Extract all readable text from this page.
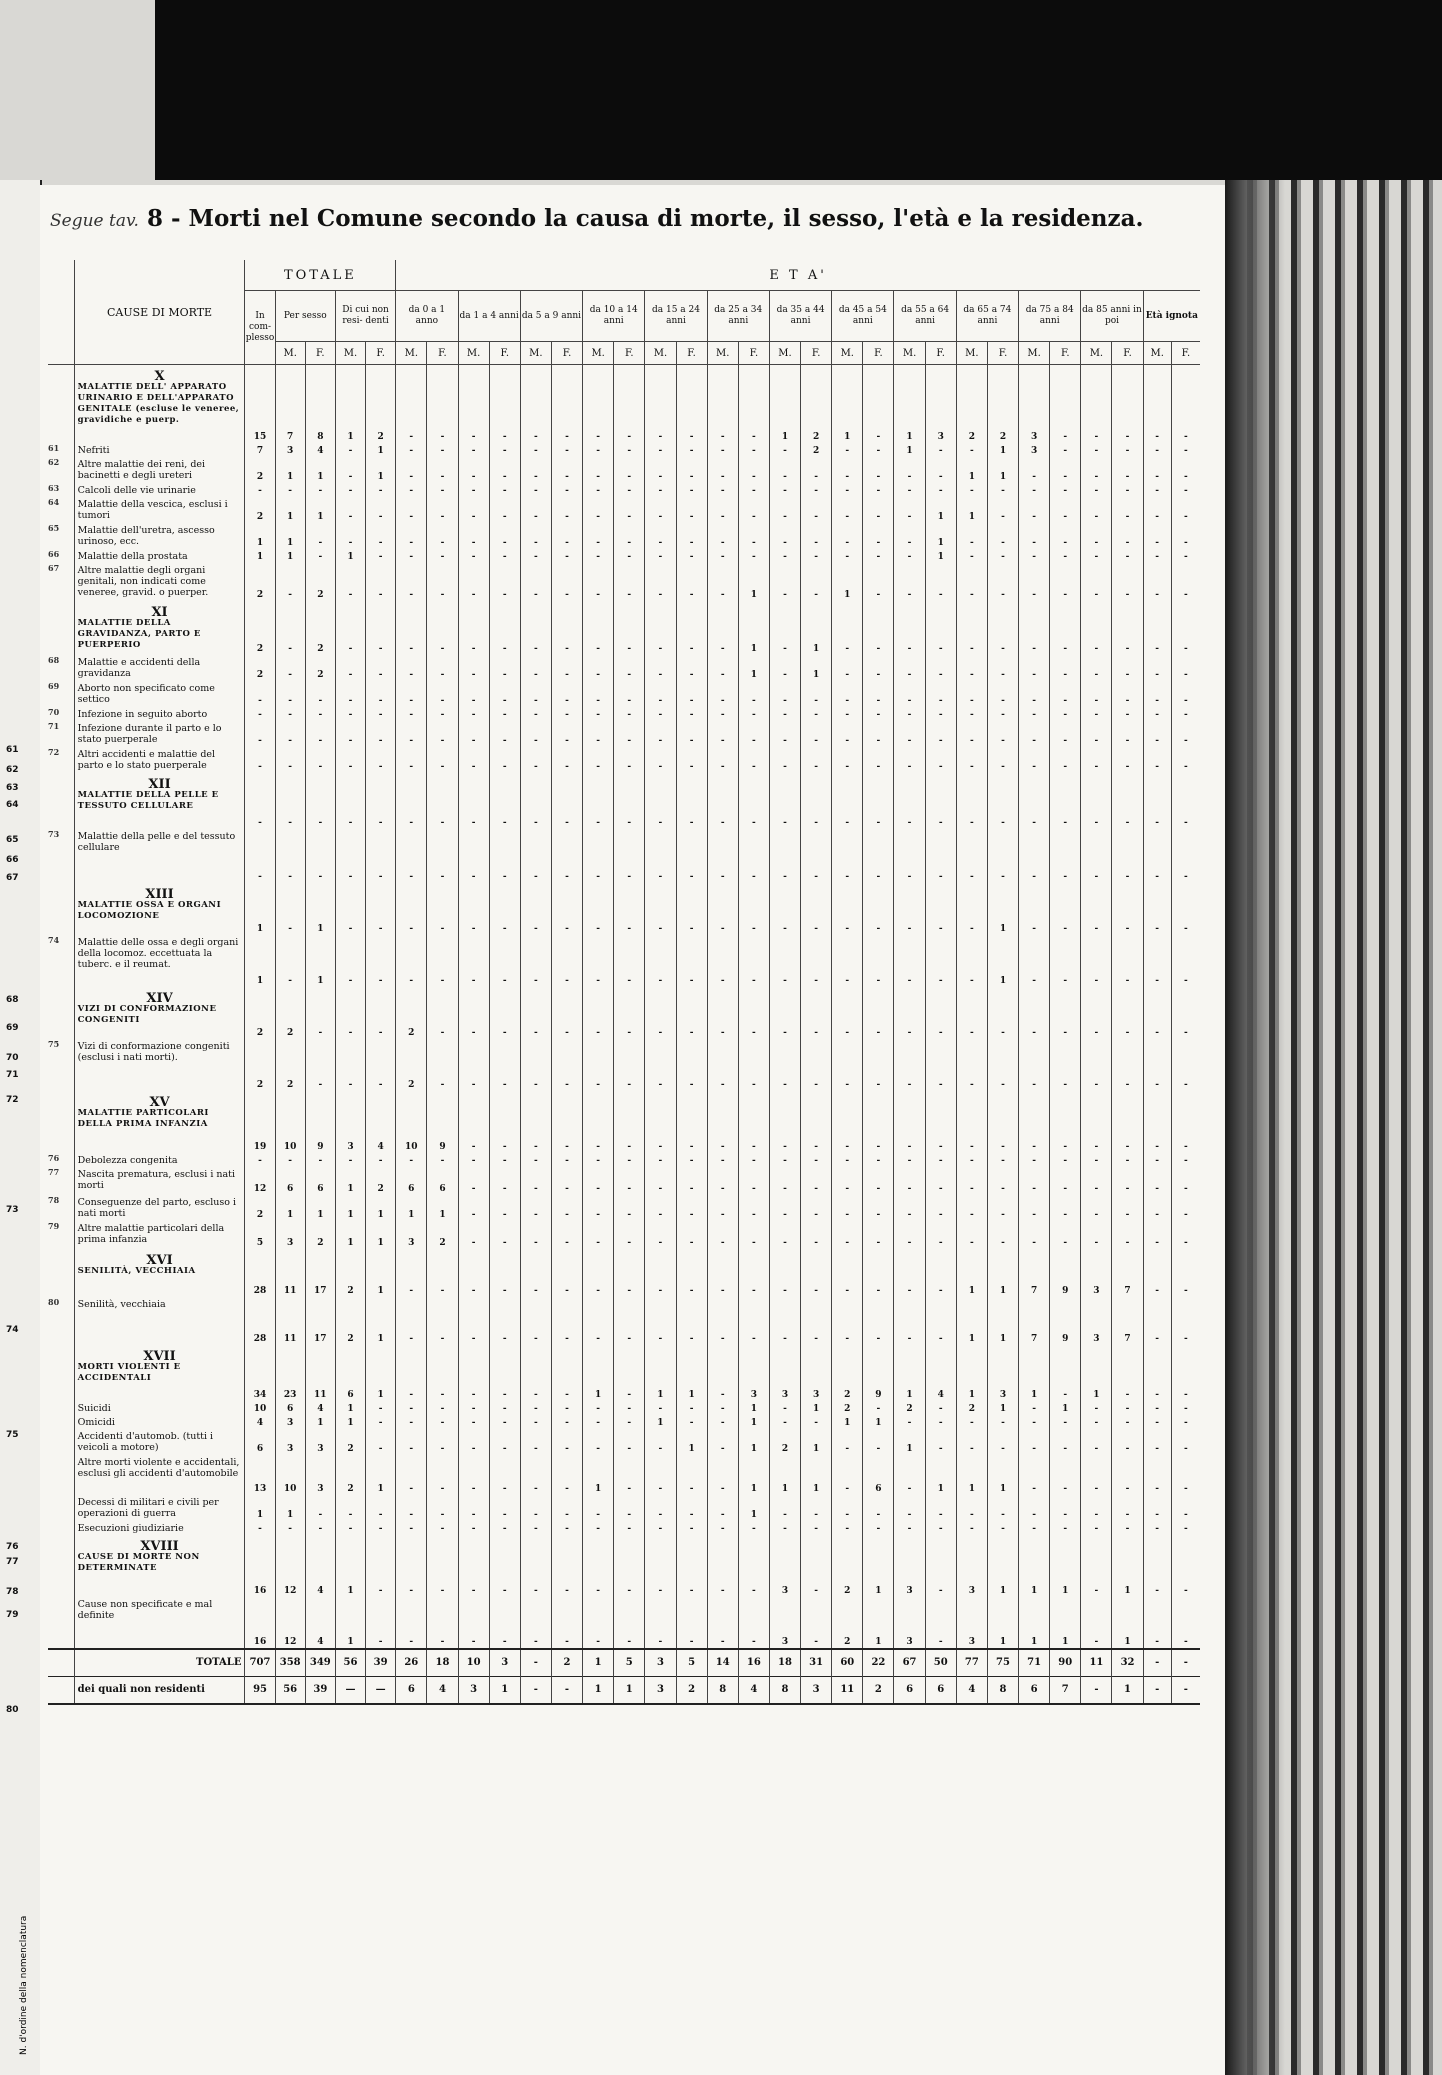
N. d'ordine della nomenclatura
61
62
63
64
65
66
67
68
69
70
71
72
73
74
75
76
77
78
79
80
Segue tav. 8 - Morti nel Comune secondo la causa di morte, il sesso, l'età e la residenza.
	CAUSE DI MORTE	TOTALE					E T A'																									
		In com- plesso	Per sesso		Di cui non resi- denti		da 0 a 1 anno		da 1 a 4 anni		da 5 a 9 anni		da 10 a 14 anni		da 15 a 24 anni		da 25 a 34 anni		da 35 a 44 anni		da 45 a 54 anni		da 55 a 64 anni		da 65 a 74 anni		da 75 a 84 anni		da 85 anni in poi		Età ignota	
			M.	F.	M.	F.	M.	F.	M.	F.	M.	F.	M.	F.	M.	F.	M.	F.	M.	F.	M.	F.	M.	F.	M.	F.	M.	F.	M.	F.	M.	F.

	X
MALATTIE DELL' APPARATO URINARIO E DELL'APPARATO GENITALE (escluse le veneree, gravidiche e puerp.	15	7	8	1	2	-	-	-	-	-	-	-	-	-	-	-	-	1	2	1	-	1	3	2	2	3	-	-	-	-	-
61	Nefriti	7	3	4	-	1	-	-	-	-	-	-	-	-	-	-	-	-	-	2	-	-	1	-	-	1	3	-	-	-	-	-
62	Altre malattie dei reni, dei bacinetti e degli ureteri	2	1	1	-	1	-	-	-	-	-	-	-	-	-	-	-	-	-	-	-	-	-	-	1	1	-	-	-	-	-	-
63	Calcoli delle vie urinarie	-	-	-	-	-	-	-	-	-	-	-	-	-	-	-	-	-	-	-	-	-	-	-	-	-	-	-	-	-	-	-
64	Malattie della vescica, esclusi i tumori	2	1	1	-	-	-	-	-	-	-	-	-	-	-	-	-	-	-	-	-	-	-	1	1	-	-	-	-	-	-	-
65	Malattie dell'uretra, ascesso urinoso, ecc.	1	1	-	-	-	-	-	-	-	-	-	-	-	-	-	-	-	-	-	-	-	-	1	-	-	-	-	-	-	-	-
66	Malattie della prostata	1	1	-	1	-	-	-	-	-	-	-	-	-	-	-	-	-	-	-	-	-	-	1	-	-	-	-	-	-	-	-
67	Altre malattie degli organi genitali, non indicati come veneree, gravid. o puerper.	2	-	2	-	-	-	-	-	-	-	-	-	-	-	-	-	1	-	-	1	-	-	-	-	-	-	-	-	-	-	-

	XI
MALATTIE DELLA GRAVIDANZA, PARTO E PUERPERIO	2	-	2	-	-	-	-	-	-	-	-	-	-	-	-	-	1	-	1	-	-	-	-	-	-	-	-	-	-	-	-
68	Malattie e accidenti della gravidanza	2	-	2	-	-	-	-	-	-	-	-	-	-	-	-	-	1	-	1	-	-	-	-	-	-	-	-	-	-	-	-
69	Aborto non specificato come settico	-	-	-	-	-	-	-	-	-	-	-	-	-	-	-	-	-	-	-	-	-	-	-	-	-	-	-	-	-	-	-
70	Infezione in seguito aborto	-	-	-	-	-	-	-	-	-	-	-	-	-	-	-	-	-	-	-	-	-	-	-	-	-	-	-	-	-	-	-
71	Infezione durante il parto e lo stato puerperale	-	-	-	-	-	-	-	-	-	-	-	-	-	-	-	-	-	-	-	-	-	-	-	-	-	-	-	-	-	-	-
72	Altri accidenti e malattie del parto e lo stato puerperale	-	-	-	-	-	-	-	-	-	-	-	-	-	-	-	-	-	-	-	-	-	-	-	-	-	-	-	-	-	-	-

	XII
MALATTIE DELLA PELLE E TESSUTO CELLULARE	-	-	-	-	-	-	-	-	-	-	-	-	-	-	-	-	-	-	-	-	-	-	-	-	-	-	-	-	-	-	-
73	Malattie della pelle e del tessuto cellulare	-	-	-	-	-	-	-	-	-	-	-	-	-	-	-	-	-	-	-	-	-	-	-	-	-	-	-	-	-	-	-

	XIII
MALATTIE OSSA E ORGANI LOCOMOZIONE	1	-	1	-	-	-	-	-	-	-	-	-	-	-	-	-	-	-	-	-	-	-	-	-	1	-	-	-	-	-	-
74	Malattie delle ossa e degli organi della locomoz. eccettuata la tuberc. e il reumat.	1	-	1	-	-	-	-	-	-	-	-	-	-	-	-	-	-	-	-	-	-	-	-	-	1	-	-	-	-	-	-

	XIV
VIZI DI CONFORMAZIONE CONGENITI	2	2	-	-	-	2	-	-	-	-	-	-	-	-	-	-	-	-	-	-	-	-	-	-	-	-	-	-	-	-	-
75	Vizi di conformazione congeniti (esclusi i nati morti).	2	2	-	-	-	2	-	-	-	-	-	-	-	-	-	-	-	-	-	-	-	-	-	-	-	-	-	-	-	-	-

	XV
MALATTIE PARTICOLARI DELLA PRIMA INFANZIA	19	10	9	3	4	10	9	-	-	-	-	-	-	-	-	-	-	-	-	-	-	-	-	-	-	-	-	-	-	-	-
76	Debolezza congenita	-	-	-	-	-	-	-	-	-	-	-	-	-	-	-	-	-	-	-	-	-	-	-	-	-	-	-	-	-	-	-
77	Nascita prematura, esclusi i nati morti	12	6	6	1	2	6	6	-	-	-	-	-	-	-	-	-	-	-	-	-	-	-	-	-	-	-	-	-	-	-	-
78	Conseguenze del parto, escluso i nati morti	2	1	1	1	1	1	1	-	-	-	-	-	-	-	-	-	-	-	-	-	-	-	-	-	-	-	-	-	-	-	-
79	Altre malattie particolari della prima infanzia	5	3	2	1	1	3	2	-	-	-	-	-	-	-	-	-	-	-	-	-	-	-	-	-	-	-	-	-	-	-	-

	XVI
SENILITÀ, VECCHIAIA	28	11	17	2	1	-	-	-	-	-	-	-	-	-	-	-	-	-	-	-	-	-	-	1	1	7	9	3	7	-	-
80	Senilità, vecchiaia	28	11	17	2	1	-	-	-	-	-	-	-	-	-	-	-	-	-	-	-	-	-	-	1	1	7	9	3	7	-	-

	XVII
MORTI VIOLENTI E ACCIDENTALI	34	23	11	6	1	-	-	-	-	-	-	1	-	1	1	-	3	3	3	2	9	1	4	1	3	1	-	1	-	-	-
	Suicidi	10	6	4	1	-	-	-	-	-	-	-	-	-	-	-	-	1	-	1	2	-	2	-	2	1	-	1	-	-	-	-
	Omicidi	4	3	1	1	-	-	-	-	-	-	-	-	-	1	-	-	1	-	-	1	1	-	-	-	-	-	-	-	-	-	-
	Accidenti d'automob. (tutti i veicoli a motore)	6	3	3	2	-	-	-	-	-	-	-	-	-	-	1	-	1	2	1	-	-	1	-	-	-	-	-	-	-	-	-
	Altre morti violente e accidentali, esclusi gli accidenti d'automobile	13	10	3	2	1	-	-	-	-	-	-	1	-	-	-	-	1	1	1	-	6	-	1	1	1	-	-	-	-	-	-
	Decessi di militari e civili per operazioni di guerra	1	1	-	-	-	-	-	-	-	-	-	-	-	-	-	-	1	-	-	-	-	-	-	-	-	-	-	-	-	-	-
	Esecuzioni giudiziarie	-	-	-	-	-	-	-	-	-	-	-	-	-	-	-	-	-	-	-	-	-	-	-	-	-	-	-	-	-	-	-

	XVIII
CAUSE DI MORTE NON DETERMINATE	16	12	4	1	-	-	-	-	-	-	-	-	-	-	-	-	-	3	-	2	1	3	-	3	1	1	1	-	1	-	-
	Cause non specificate e mal definite	16	12	4	1	-	-	-	-	-	-	-	-	-	-	-	-	-	3	-	2	1	3	-	3	1	1	1	-	1	-	-
	TOTALE	707	358	349	56	39	26	18	10	3	-	2	1	5	3	5	14	16	18	31	60	22	67	50	77	75	71	90	11	32	-	-
	dei quali non residenti	95	56	39	—	—	6	4	3	1	-	-	1	1	3	2	8	4	8	3	11	2	6	6	4	8	6	7	-	1	-	-
